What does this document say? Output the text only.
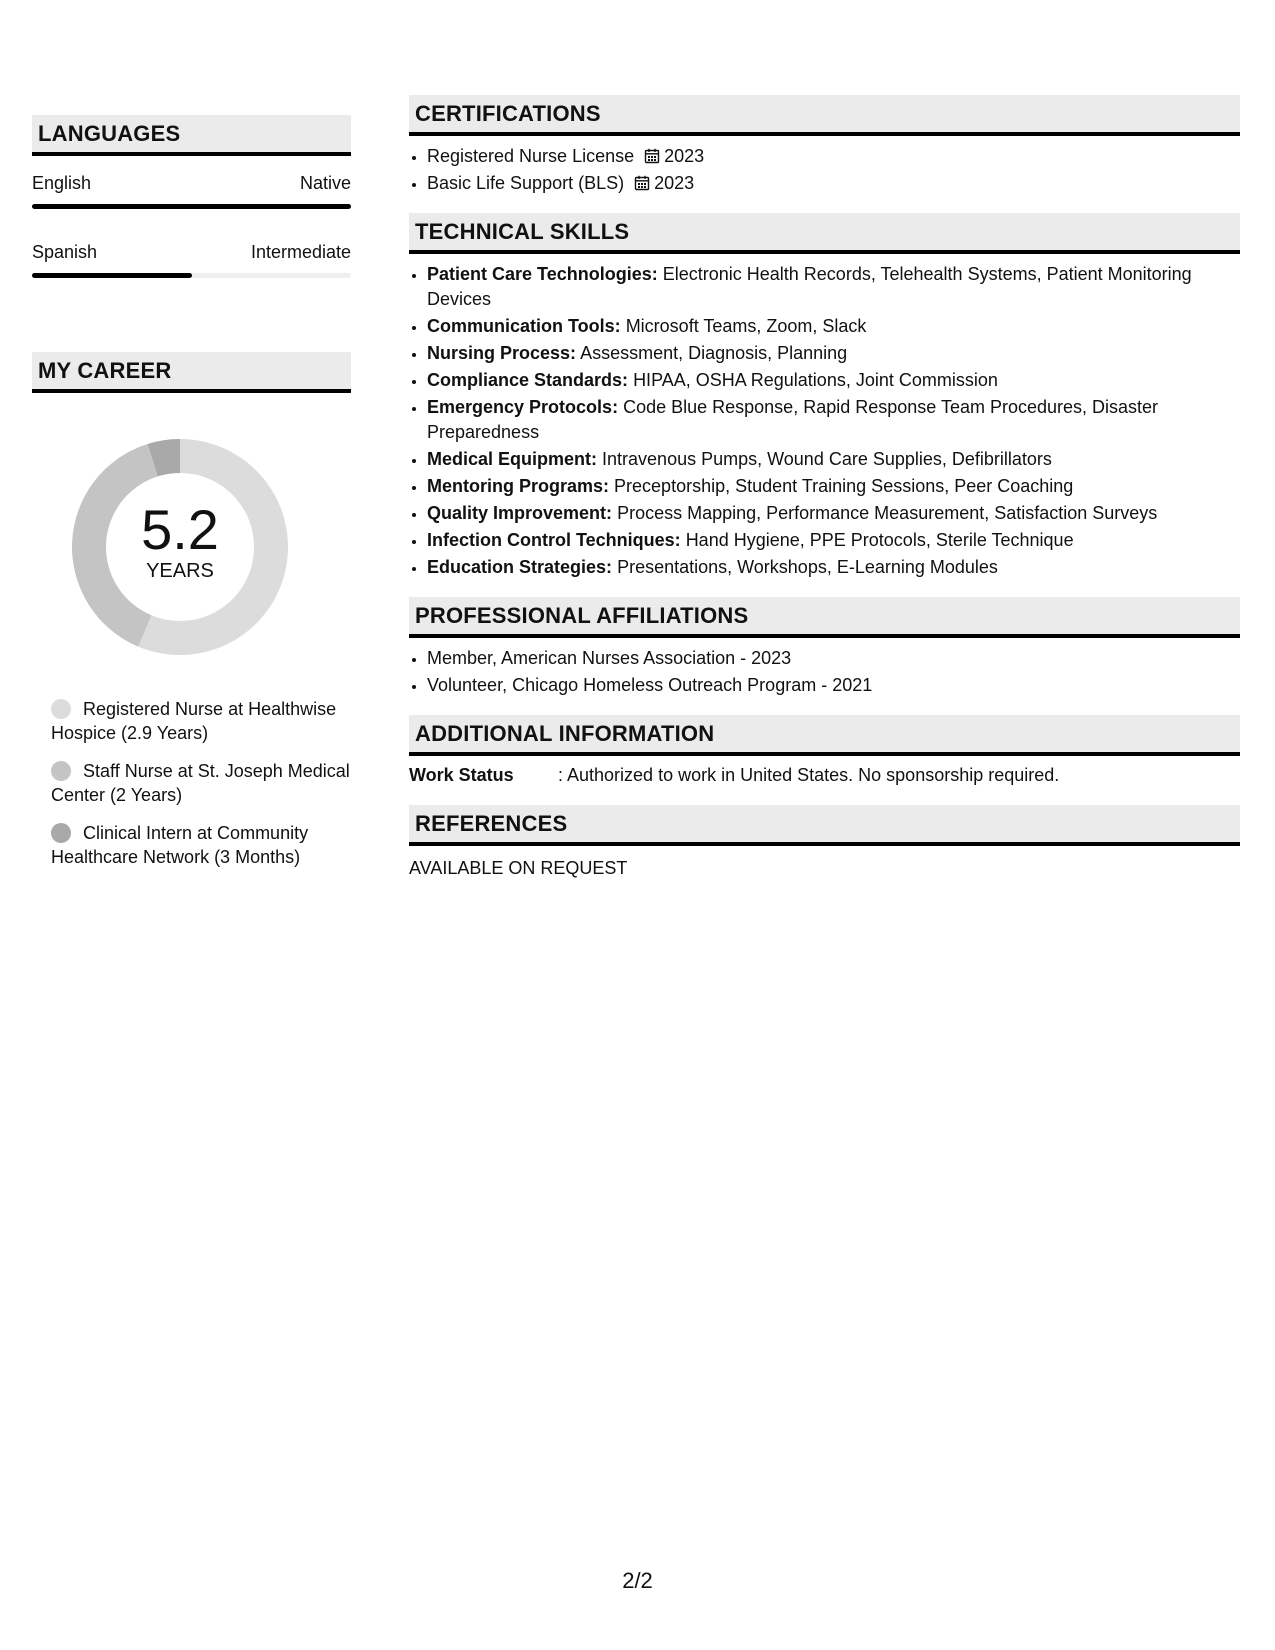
LANGUAGES
English	Native
Spanish	Intermediate
MY CAREER
5.2
YEARS
Registered Nurse at Healthwise Hospice (2.9 Years)
Staff Nurse at St. Joseph Medical Center (2 Years)
Clinical Intern at Community Healthcare Network (3 Months)
CERTIFICATIONS
• Registered Nurse License 2023
• Basic Life Support (BLS) 2023
TECHNICAL SKILLS
• Patient Care Technologies: Electronic Health Records, Telehealth Systems, Patient Monitoring Devices
• Communication Tools: Microsoft Teams, Zoom, Slack
• Nursing Process: Assessment, Diagnosis, Planning
• Compliance Standards: HIPAA, OSHA Regulations, Joint Commission
• Emergency Protocols: Code Blue Response, Rapid Response Team Procedures, Disaster Preparedness
• Medical Equipment: Intravenous Pumps, Wound Care Supplies, Defibrillators
• Mentoring Programs: Preceptorship, Student Training Sessions, Peer Coaching
• Quality Improvement: Process Mapping, Performance Measurement, Satisfaction Surveys
• Infection Control Techniques: Hand Hygiene, PPE Protocols, Sterile Technique
• Education Strategies: Presentations, Workshops, E-Learning Modules
PROFESSIONAL AFFILIATIONS
• Member, American Nurses Association - 2023
• Volunteer, Chicago Homeless Outreach Program - 2021
ADDITIONAL INFORMATION
Work Status	: Authorized to work in United States. No sponsorship required.
REFERENCES
AVAILABLE ON REQUEST
2/2
